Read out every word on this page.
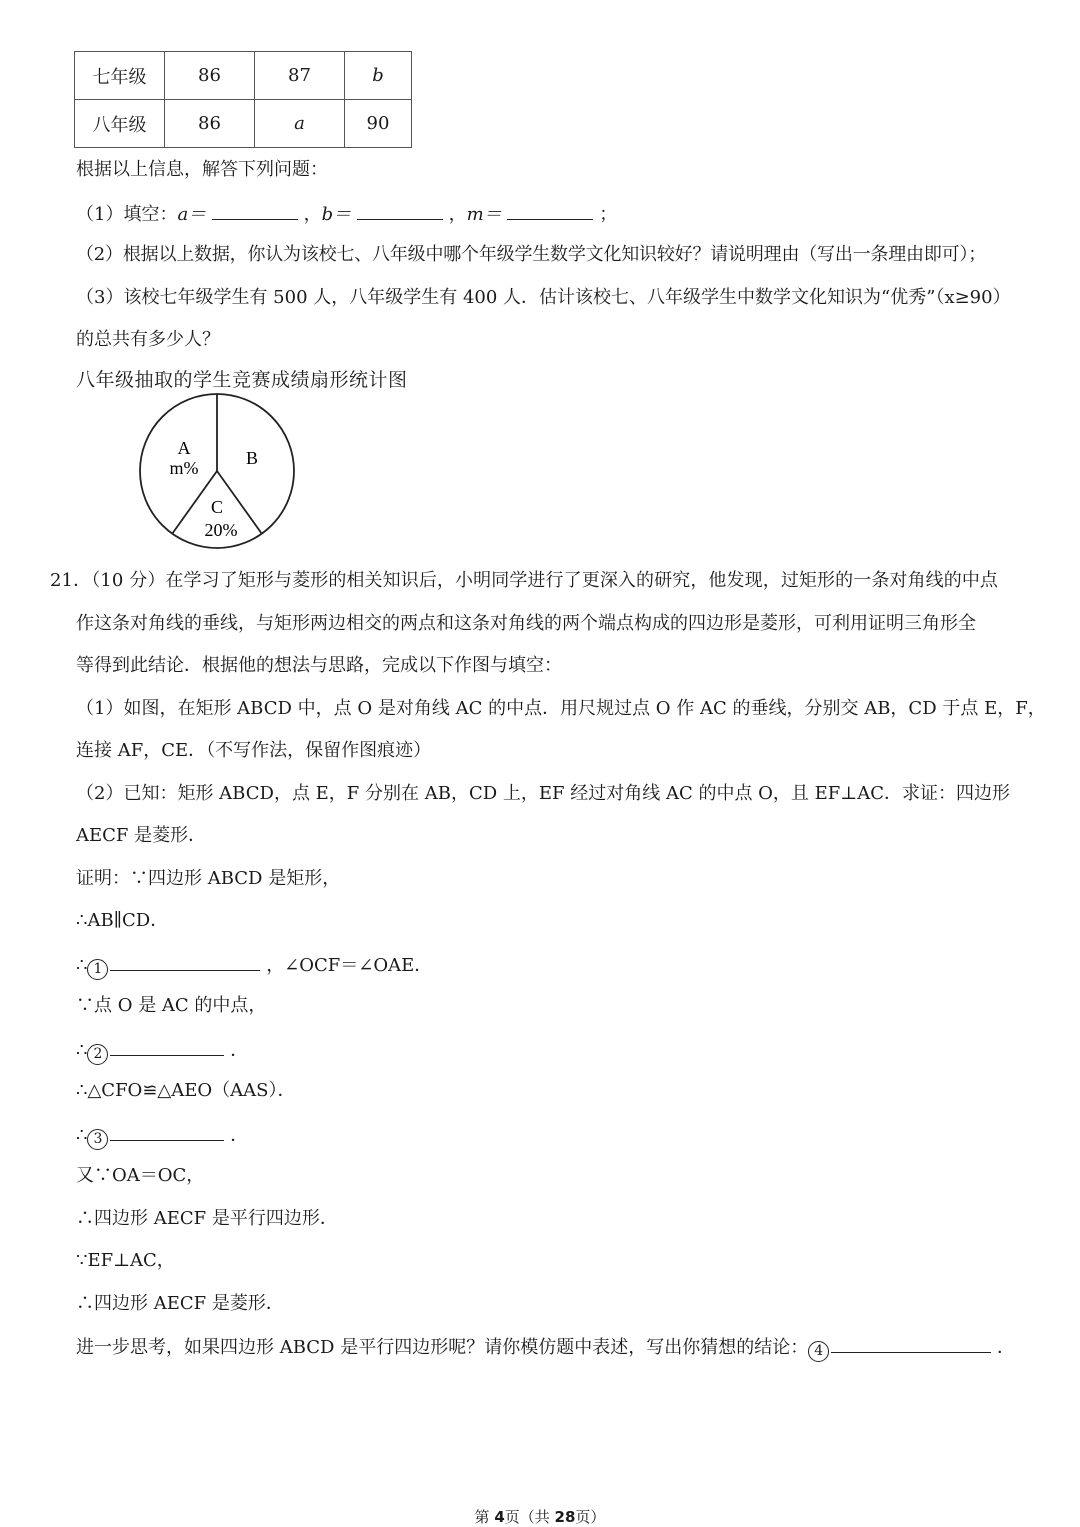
七年级	86	87	b
八年级	86	a	90
根据以上信息，解答下列问题：
（1）填空：a＝	，b＝	，m＝	；
（2）根据以上数据，你认为该校七、八年级中哪个年级学生数学文化知识较好？请说明理由（写出一条理由即可）；
（3）该校七年级学生有 500 人，八年级学生有 400 人．估计该校七、八年级学生中数学文化知识为“优秀”（x≥90）
的总共有多少人？
八年级抽取的学生竞赛成绩扇形统计图
A
m%	B
C
20%
21．（10 分）在学习了矩形与菱形的相关知识后，小明同学进行了更深入的研究，他发现，过矩形的一条对角线的中点
作这条对角线的垂线，与矩形两边相交的两点和这条对角线的两个端点构成的四边形是菱形，可利用证明三角形全
等得到此结论．根据他的想法与思路，完成以下作图与填空：
（1）如图，在矩形 ABCD 中，点 O 是对角线 AC 的中点．用尺规过点 O 作 AC 的垂线，分别交 AB，CD 于点 E，F，
连接 AF，CE．（不写作法，保留作图痕迹）
（2）已知：矩形 ABCD，点 E，F 分别在 AB，CD 上，EF 经过对角线 AC 的中点 O，且 EF⊥AC．求证：四边形
AECF 是菱形．
证明：∵四边形 ABCD 是矩形，
∴AB∥CD．
∴ 1	，∠OCF＝∠OAE．
∵点 O 是 AC 的中点，
∴ 2	．
∴△CFO≌△AEO（AAS）．
∴ 3	．
又∵OA＝OC，
∴四边形 AECF 是平行四边形．
∵EF⊥AC，
∴四边形 AECF 是菱形．
进一步思考，如果四边形 ABCD 是平行四边形呢？请你模仿题中表述，写出你猜想的结论： 4	．
第 4页（共 28页）
